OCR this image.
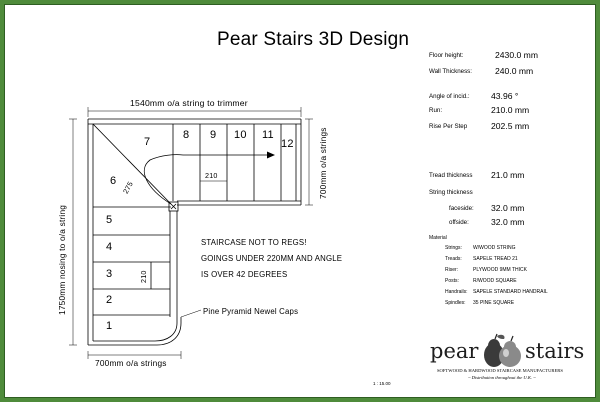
Pear Stairs 3D Design
1540mm o/a string to trimmer
1750mm nosing to o/a string
700mm o/a strings
700mm o/a strings
275
210
210
1
2
3
4
5
6
7
8 9 10 11
12
STAIRCASE NOT TO REGS!
GOINGS UNDER 220MM AND ANGLE
IS OVER 42 DEGREES
Pine Pyramid Newel Caps
Floor height:	2430.0 mm
Wall Thickness:	240.0 mm
Angle of incid.: 43.96 °
Run:	210.0 mm
Rise Per Step	202.5 mm
Tread thickness 21.0 mm
String thickness
faceside: 32.0 mm
offside:	32.0 mm
Material
Strings: W/WOOD STRING
Treads: SAPELE TREAD 21
Riser:	PLYWOOD 9MM THICK
Posts:	R/WOOD SQUARE
Handrails: SAPELE STANDARD HANDRAIL
Spindles: 35 PINE SQUARE
pear stairs
SOFTWOOD & HARDWOOD STAIRCASE MANUFACTURERS
~ Distribution throughout the U.K. ~
1 : 15.00
